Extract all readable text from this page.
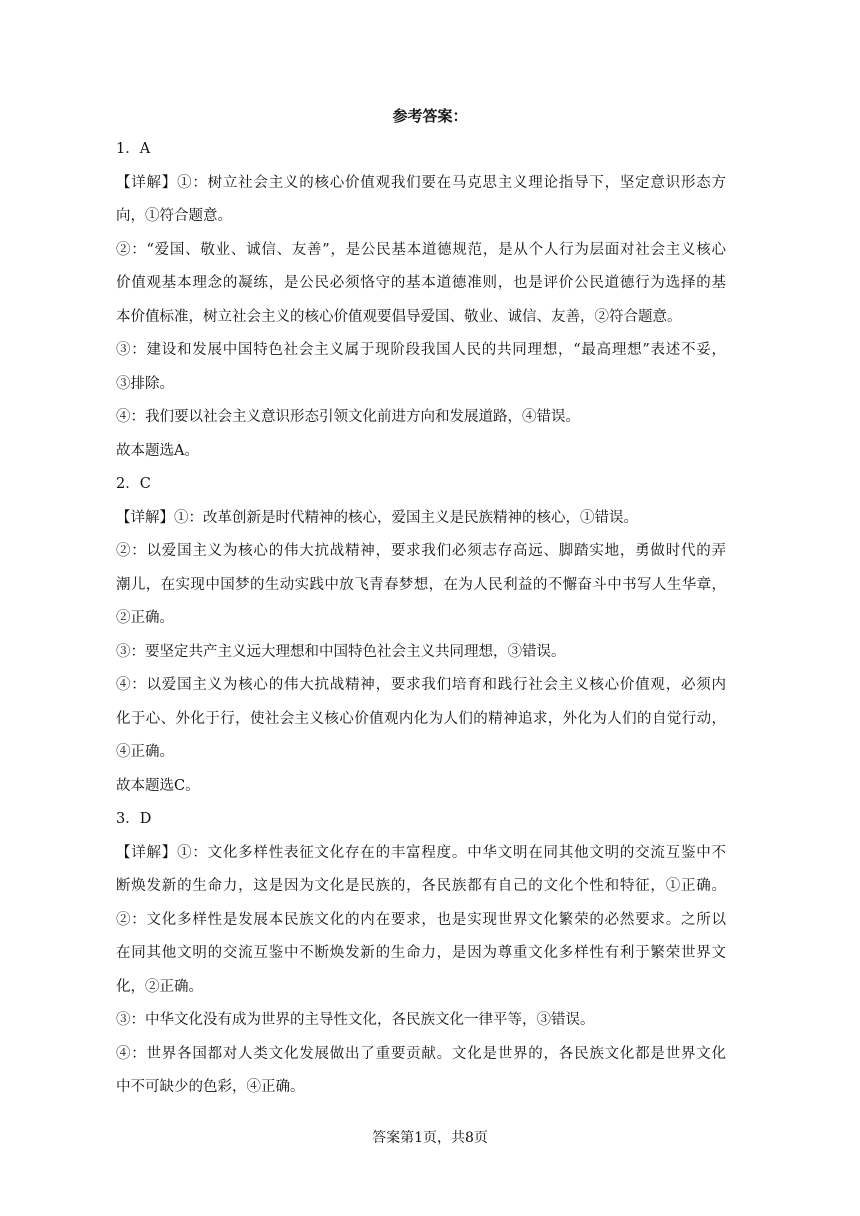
参考答案：
1．A
【详解】①：树立社会主义的核心价值观我们要在马克思主义理论指导下，坚定意识形态方
向，①符合题意。
②：“爱国、敬业、诚信、友善”，是公民基本道德规范，是从个人行为层面对社会主义核心
价值观基本理念的凝练，是公民必须恪守的基本道德准则，也是评价公民道德行为选择的基
本价值标准，树立社会主义的核心价值观要倡导爱国、敬业、诚信、友善，②符合题意。
③：建设和发展中国特色社会主义属于现阶段我国人民的共同理想，“最高理想”表述不妥，
③排除。
④：我们要以社会主义意识形态引领文化前进方向和发展道路，④错误。
故本题选A。
2．C
【详解】①：改革创新是时代精神的核心，爱国主义是民族精神的核心，①错误。
②：以爱国主义为核心的伟大抗战精神，要求我们必须志存高远、脚踏实地，勇做时代的弄
潮儿，在实现中国梦的生动实践中放飞青春梦想，在为人民利益的不懈奋斗中书写人生华章，
②正确。
③：要坚定共产主义远大理想和中国特色社会主义共同理想，③错误。
④：以爱国主义为核心的伟大抗战精神，要求我们培育和践行社会主义核心价值观，必须内
化于心、外化于行，使社会主义核心价值观内化为人们的精神追求，外化为人们的自觉行动，
④正确。
故本题选C。
3．D
【详解】①：文化多样性表征文化存在的丰富程度。中华文明在同其他文明的交流互鉴中不
断焕发新的生命力，这是因为文化是民族的，各民族都有自己的文化个性和特征，①正确。
②：文化多样性是发展本民族文化的内在要求，也是实现世界文化繁荣的必然要求。之所以
在同其他文明的交流互鉴中不断焕发新的生命力，是因为尊重文化多样性有利于繁荣世界文
化，②正确。
③：中华文化没有成为世界的主导性文化，各民族文化一律平等，③错误。
④：世界各国都对人类文化发展做出了重要贡献。文化是世界的，各民族文化都是世界文化
中不可缺少的色彩，④正确。
答案第1页，共8页
